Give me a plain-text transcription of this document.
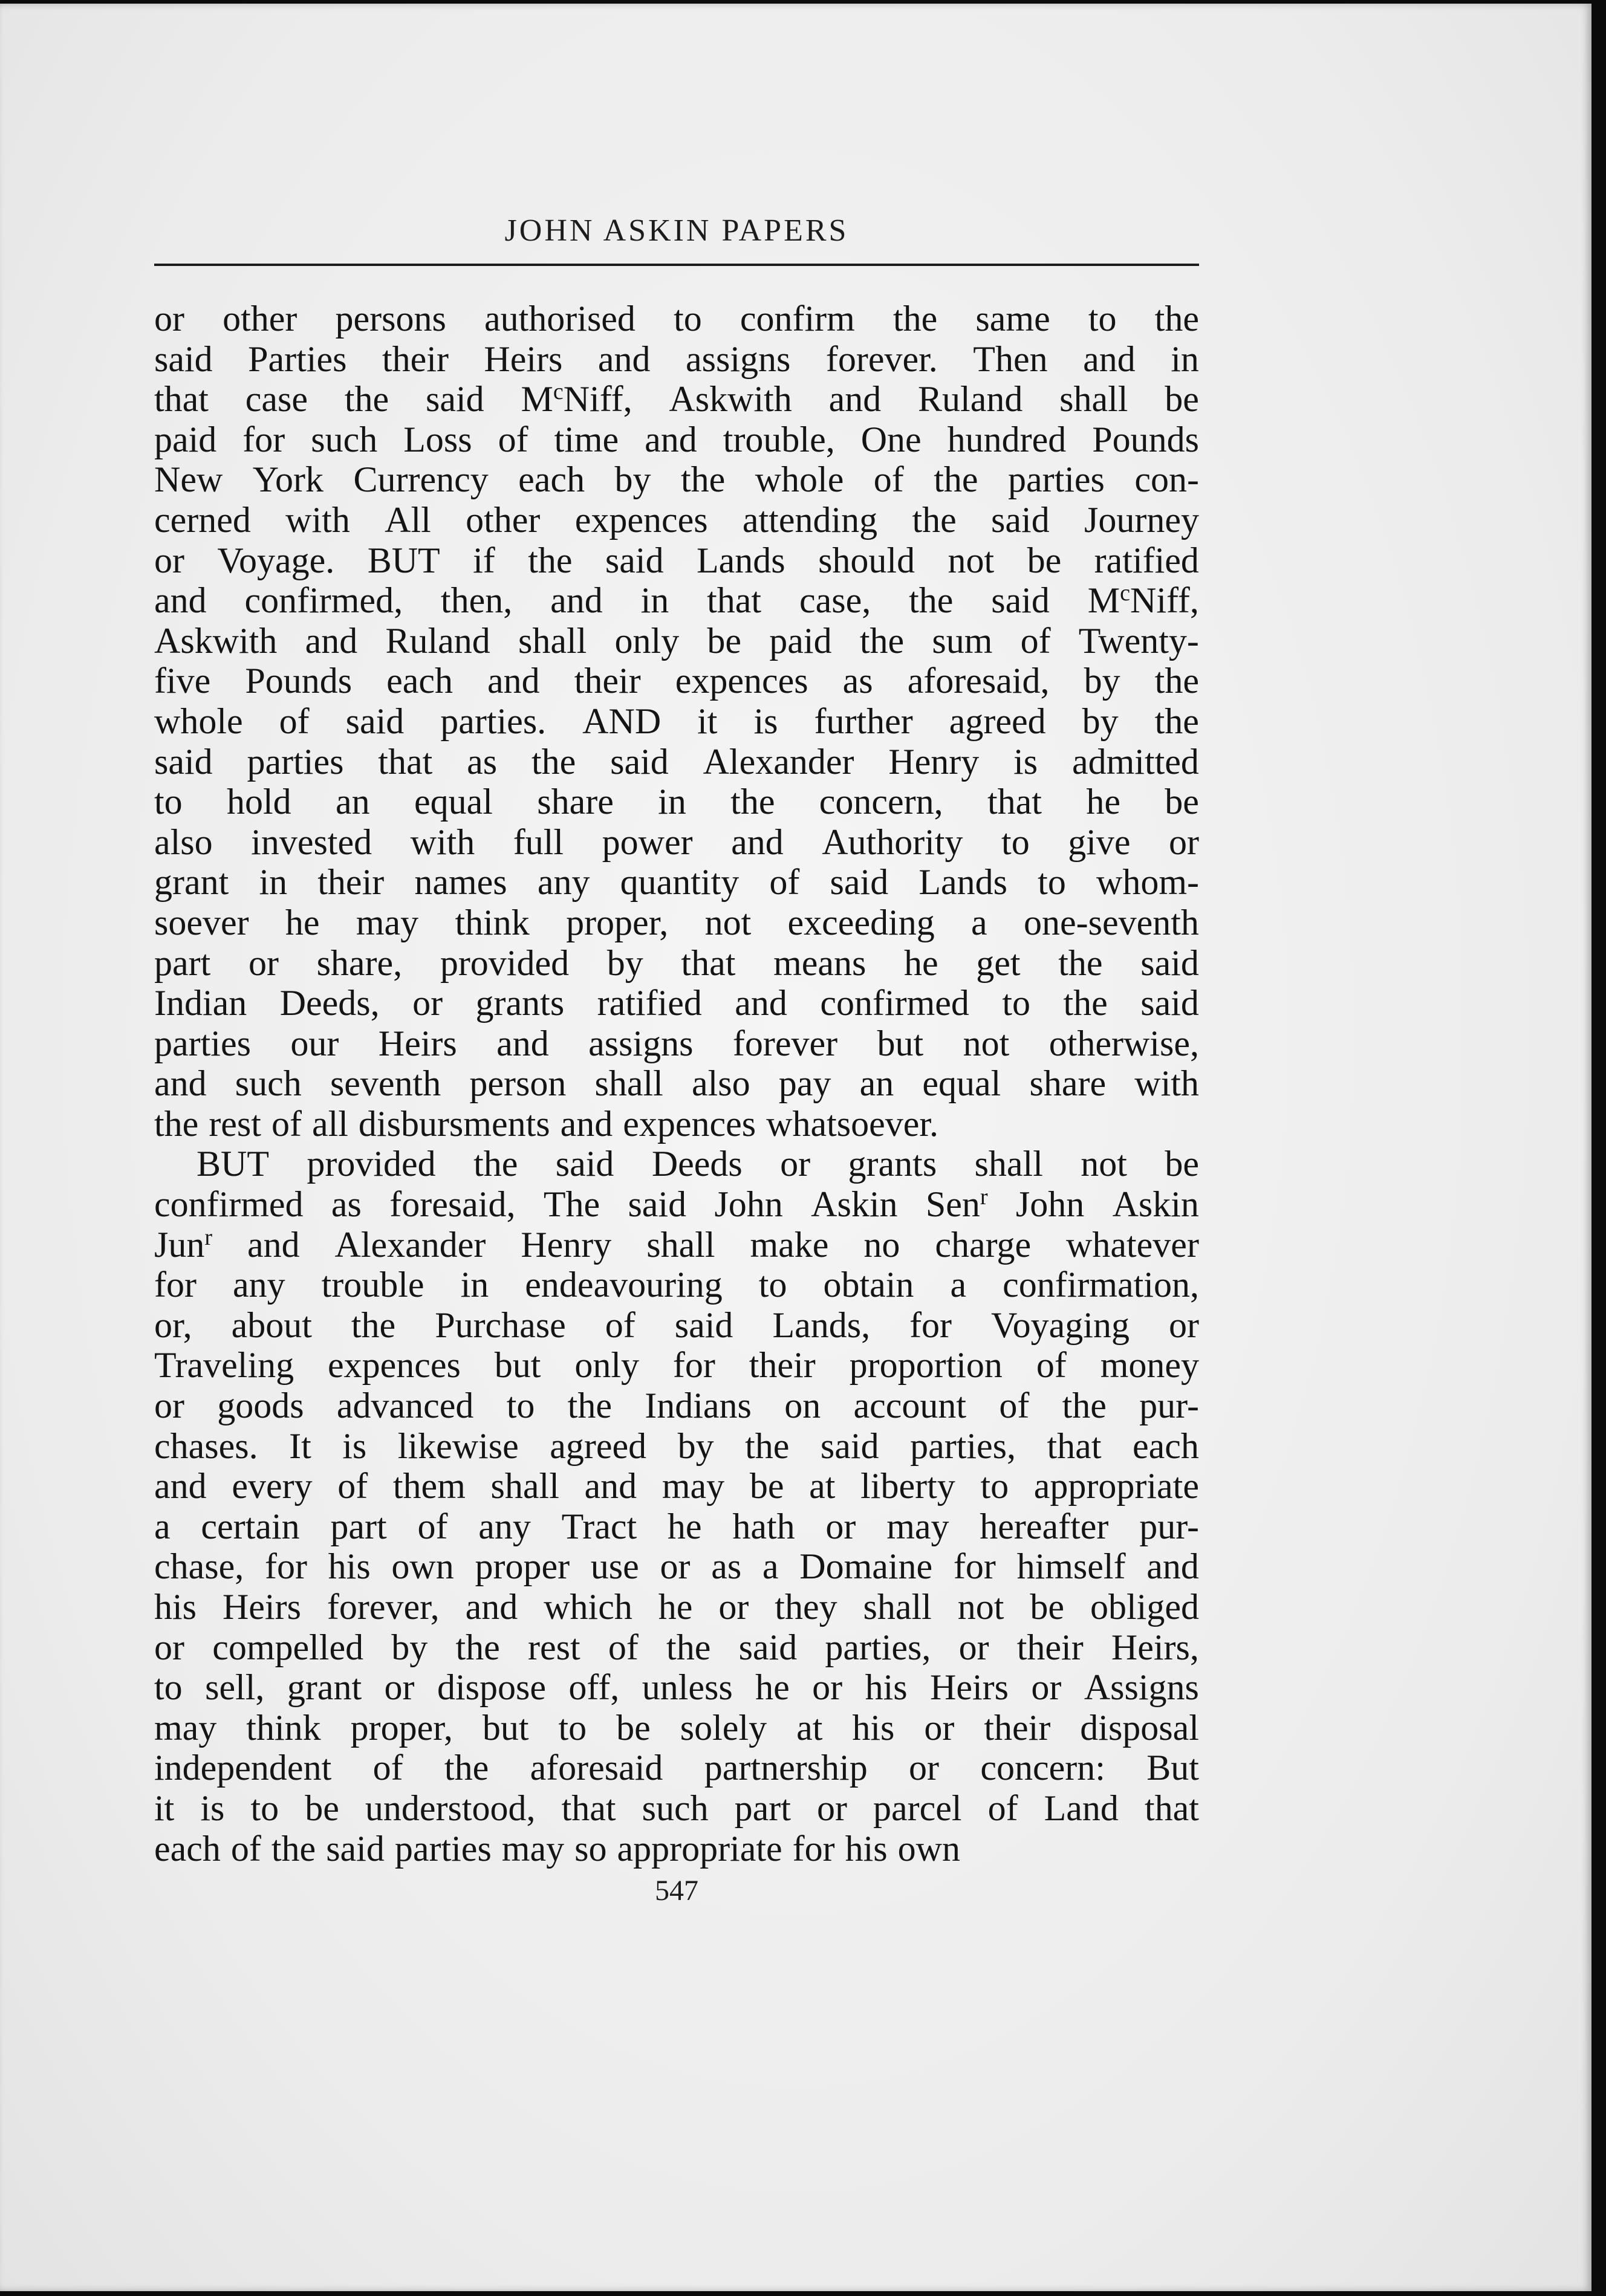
JOHN ASKIN PAPERS
or other persons authorised to confirm the same to the
said Parties their Heirs and assigns forever. Then and in
that case the said $M^cNiff$, Askwith and Ruland shall be
paid for such Loss of time and trouble, One hundred Pounds
New York Currency each by the whole of the parties con-
cerned with All other expences attending the said Journey
or Voyage. BUT if the said Lands should not be ratified
and confirmed, then, and in that case, the said $M^cNiff$,
Askwith and Ruland shall only be paid the sum of Twenty-
five Pounds each and their expences as aforesaid, by the
whole of said parties. AND it is further agreed by the
said parties that as the said Alexander Henry is admitted
to hold an equal share in the concern, that he be
also invested with full power and Authority to give or
grant in their names any quantity of said Lands to whom-
soever he may think proper, not exceeding a one-seventh
part or share, provided by that means he get the said
Indian Deeds, or grants ratified and confirmed to the said
parties our Heirs and assigns forever but not otherwise,
and such seventh person shall also pay an equal share with
the rest of all disbursments and expences whatsoever.
BUT provided the said Deeds or grants shall not be
confirmed as foresaid, The said John Askin Sen$^r$ John Askin
Jun$^r$ and Alexander Henry shall make no charge whatever
for any trouble in endeavouring to obtain a confirmation,
or, about the Purchase of said Lands, for Voyaging or
Traveling expences but only for their proportion of money
or goods advanced to the Indians on account of the pur-
chases. It is likewise agreed by the said parties, that each
and every of them shall and may be at liberty to appropriate
a certain part of any Tract he hath or may hereafter pur-
chase, for his own proper use or as a Domaine for himself and
his Heirs forever, and which he or they shall not be obliged
or compelled by the rest of the said parties, or their Heirs,
to sell, grant or dispose off, unless he or his Heirs or Assigns
may think proper, but to be solely at his or their disposal
independent of the aforesaid partnership or concern: But
it is to be understood, that such part or parcel of Land that
each of the said parties may so appropriate for his own
547
